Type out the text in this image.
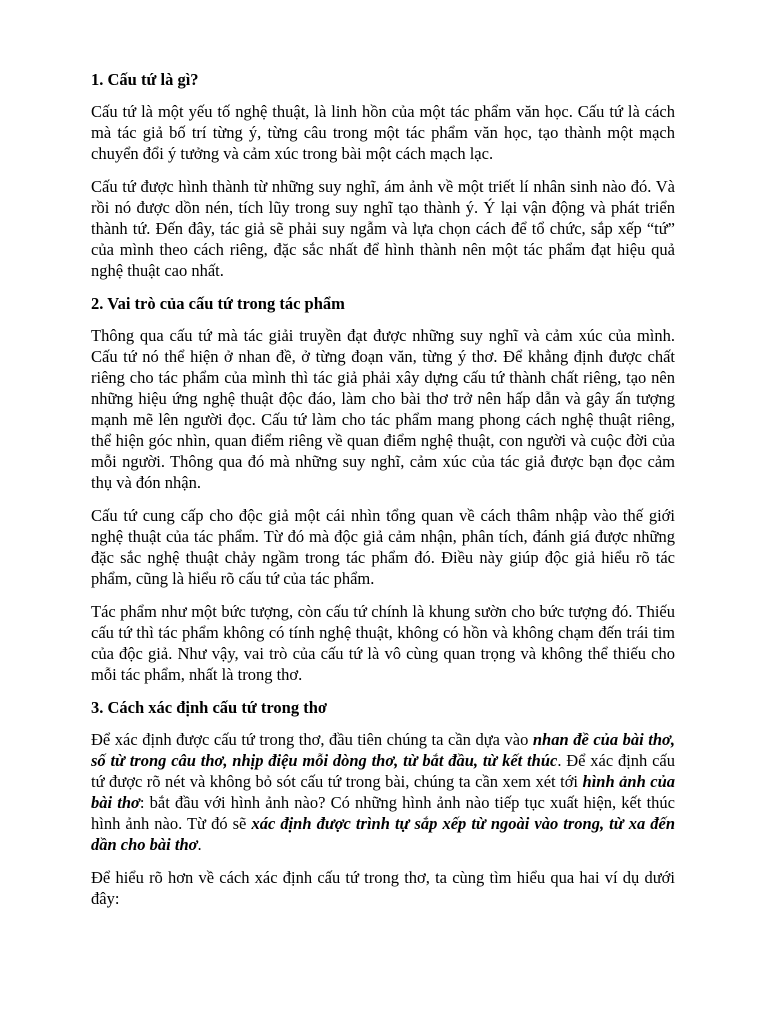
1. Cấu tứ là gì?

Cấu tứ là một yếu tố nghệ thuật, là linh hồn của một tác phẩm văn học. Cấu tứ là cách mà tác giả bố trí từng ý, từng câu trong một tác phẩm văn học, tạo thành một mạch chuyển đổi ý tưởng và cảm xúc trong bài một cách mạch lạc.

Cấu tứ được hình thành từ những suy nghĩ, ám ảnh về một triết lí nhân sinh nào đó. Và rồi nó được dồn nén, tích lũy trong suy nghĩ tạo thành ý. Ý lại vận động và phát triển thành tứ. Đến đây, tác giả sẽ phải suy ngẫm và lựa chọn cách để tổ chức, sắp xếp “tứ” của mình theo cách riêng, đặc sắc nhất để hình thành nên một tác phẩm đạt hiệu quả nghệ thuật cao nhất.

2. Vai trò của cấu tứ trong tác phẩm

Thông qua cấu tứ mà tác giải truyền đạt được những suy nghĩ và cảm xúc của mình. Cấu tứ nó thể hiện ở nhan đề, ở từng đoạn văn, từng ý thơ. Để khẳng định được chất riêng cho tác phẩm của mình thì tác giả phải xây dựng cấu tứ thành chất riêng, tạo nên những hiệu ứng nghệ thuật độc đáo, làm cho bài thơ trở nên hấp dẫn và gây ấn tượng mạnh mẽ lên người đọc. Cấu tứ làm cho tác phẩm mang phong cách nghệ thuật riêng, thể hiện góc nhìn, quan điểm riêng về quan điểm nghệ thuật, con người và cuộc đời của mỗi người. Thông qua đó mà những suy nghĩ, cảm xúc của tác giả được bạn đọc cảm thụ và đón nhận.

Cấu tứ cung cấp cho độc giả một cái nhìn tổng quan về cách thâm nhập vào thế giới nghệ thuật của tác phẩm. Từ đó mà độc giả cảm nhận, phân tích, đánh giá được những đặc sắc nghệ thuật chảy ngầm trong tác phẩm đó. Điều này giúp độc giả hiểu rõ tác phẩm, cũng là hiểu rõ cấu tứ của tác phẩm.

Tác phẩm như một bức tượng, còn cấu tứ chính là khung sườn cho bức tượng đó. Thiếu cấu tứ thì tác phẩm không có tính nghệ thuật, không có hồn và không chạm đến trái tim của độc giả. Như vậy, vai trò của cấu tứ là vô cùng quan trọng và không thể thiếu cho mỗi tác phẩm, nhất là trong thơ.

3. Cách xác định cấu tứ trong thơ

Để xác định được cấu tứ trong thơ, đầu tiên chúng ta cần dựa vào nhan đề của bài thơ, số từ trong câu thơ, nhịp điệu mỗi dòng thơ, từ bắt đầu, từ kết thúc. Để xác định cấu tứ được rõ nét và không bỏ sót cấu tứ trong bài, chúng ta cần xem xét tới hình ảnh của bài thơ: bắt đầu với hình ảnh nào? Có những hình ảnh nào tiếp tục xuất hiện, kết thúc hình ảnh nào. Từ đó sẽ xác định được trình tự sắp xếp từ ngoài vào trong, từ xa đến dần cho bài thơ.

Để hiểu rõ hơn về cách xác định cấu tứ trong thơ, ta cùng tìm hiểu qua hai ví dụ dưới đây:
